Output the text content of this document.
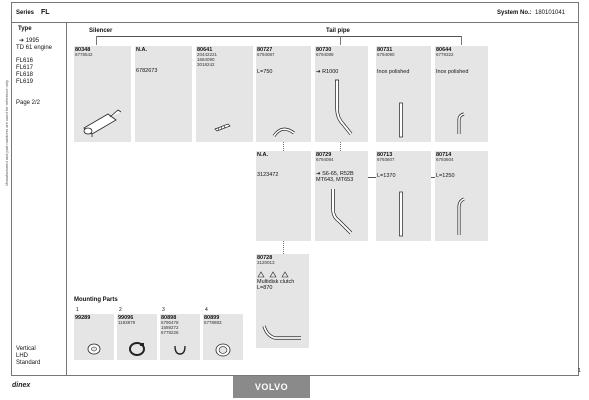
Series FL	System No.: 180101041
Type
➔ 1995
TD 61 engine
FL616
FL617
FL618
FL619
Page 2/2
Vertical
LHD
Standard
Manufactured and part numbers are used for reference only
Silencer	Tail pipe
Mounting Parts
80348
6778542
N.A.
6782673
80641
20442221
1684090
3018242
80727
6794087
L=750
80730
6794089
➔ R1000
80731
6794090
Inox polished
80644
6779322
Inox polished
N.A.
3123472
80729
6794084
➔ S6-65, R52B
MT643, MT653
80713
6793607
L=1370
80714
6793604
L=1250
80728
3120013
Multidisk clutch
L=870
1
99289
2
99096
1193879
3
80898
6790478
1589272
6778226
4
80899
6778883
dinex	VOLVO
1
